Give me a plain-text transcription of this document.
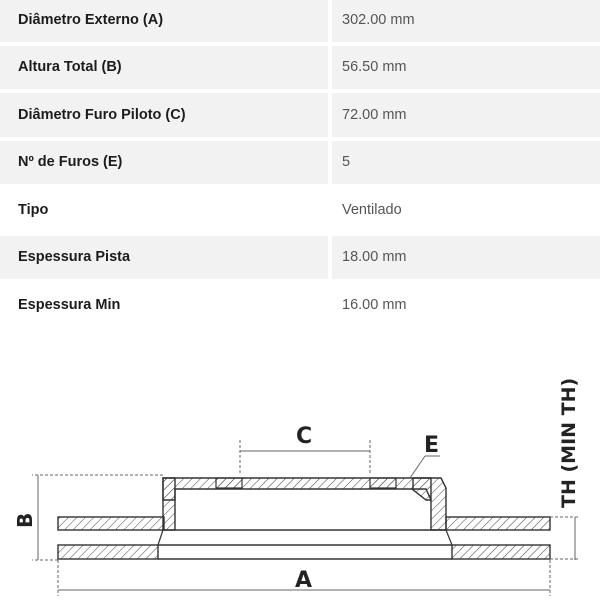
Diâmetro Externo (A)	302.00 mm
Altura Total (B)	56.50 mm
Diâmetro Furo Piloto (C)	72.00 mm
Nº de Furos (E)	5
Tipo	Ventilado
Espessura Pista	18.00 mm
Espessura Min	16.00 mm
C	E
A
B
TH (MIN TH)
